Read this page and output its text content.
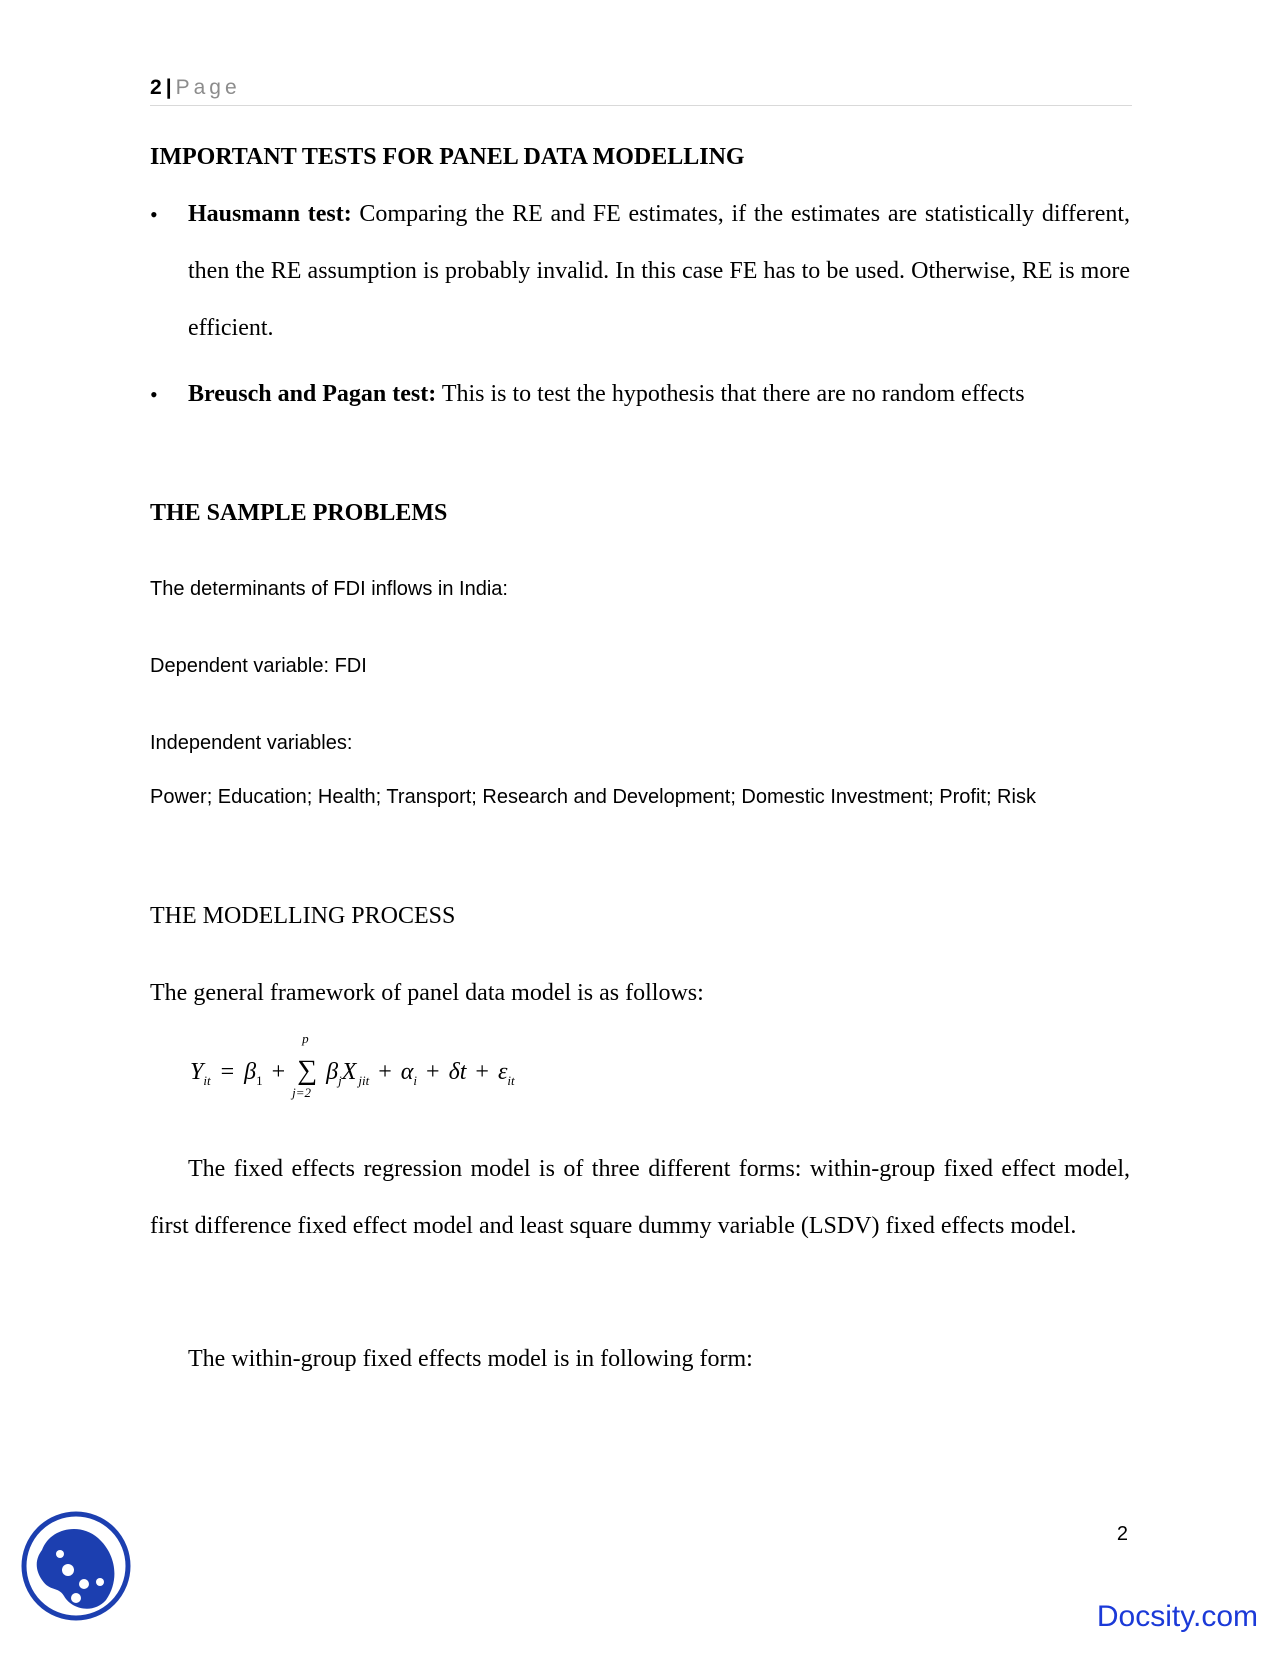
2 | Page
IMPORTANT TESTS FOR PANEL DATA MODELLING
• Hausmann test: Comparing the RE and FE estimates, if the estimates are statistically different, then the RE assumption is probably invalid. In this case FE has to be used. Otherwise, RE is more efficient.
• Breusch and Pagan test: This is to test the hypothesis that there are no random effects
THE SAMPLE PROBLEMS
The determinants of FDI inflows in India:
Dependent variable: FDI
Independent variables:
Power; Education; Health; Transport; Research and Development; Domestic Investment; Profit; Risk
THE MODELLING PROCESS
The general framework of panel data model is as follows:
$Y_{it} = \beta_1$ +
p
∑
j=2
$\beta_jX$ $_{jit} + \alpha_i + \delta t + \varepsilon_{it}$
The fixed effects regression model is of three different forms: within-group fixed effect model, first difference fixed effect model and least square dummy variable (LSDV) fixed effects model.
The within-group fixed effects model is in following form:
2
Docsity.com
